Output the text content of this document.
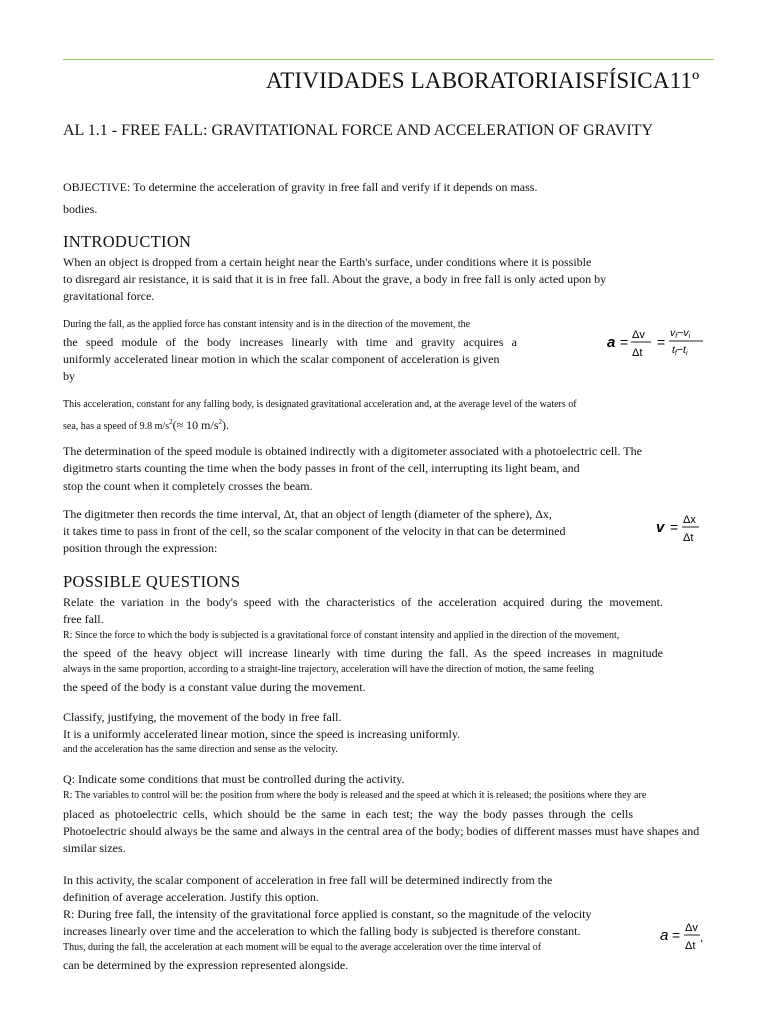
ATIVIDADES LABORATORIAISFÍSICA11º
AL 1.1 - FREE FALL: GRAVITATIONAL FORCE AND ACCELERATION OF GRAVITY
OBJECTIVE: To determine the acceleration of gravity in free fall and verify if it depends on mass.
bodies.
INTRODUCTION
When an object is dropped from a certain height near the Earth's surface, under conditions where it is possible
to disregard air resistance, it is said that it is in free fall. About the grave, a body in free fall is only acted upon by
gravitational force.
During the fall, as the applied force has constant intensity and is in the direction of the movement, the
the speed module of the body increases linearly with time and gravity acquires a
uniformly accelerated linear motion in which the scalar component of acceleration is given
by
a = Δv
Δt
=
vf−vi
tf−ti
This acceleration, constant for any falling body, is designated gravitational acceleration and, at the average level of the waters of
sea, has a speed of 9.8 $m/s^2(\approx 10$ $m/s^2$).
The determination of the speed module is obtained indirectly with a digitometer associated with a photoelectric cell. The
digitmetro starts counting the time when the body passes in front of the cell, interrupting its light beam, and
stop the count when it completely crosses the beam.
The digitmeter then records the time interval, Δt, that an object of length (diameter of the sphere), Δx,
it takes time to pass in front of the cell, so the scalar component of the velocity in that can be determined
position through the expression:
v = Δx
Δt
POSSIBLE QUESTIONS
Relate the variation in the body's speed with the characteristics of the acceleration acquired during the movement.
free fall.
R: Since the force to which the body is subjected is a gravitational force of constant intensity and applied in the direction of the movement,
the speed of the heavy object will increase linearly with time during the fall. As the speed increases in magnitude
always in the same proportion, according to a straight-line trajectory, acceleration will have the direction of motion, the same feeling
the speed of the body is a constant value during the movement.
Classify, justifying, the movement of the body in free fall.
It is a uniformly accelerated linear motion, since the speed is increasing uniformly.
and the acceleration has the same direction and sense as the velocity.
Q: Indicate some conditions that must be controlled during the activity.
R: The variables to control will be: the position from where the body is released and the speed at which it is released; the positions where they are
placed as photoelectric cells, which should be the same in each test; the way the body passes through the cells
Photoelectric should always be the same and always in the central area of the body; bodies of different masses must have shapes and
similar sizes.
In this activity, the scalar component of acceleration in free fall will be determined indirectly from the
definition of average acceleration. Justify this option.
R: During free fall, the intensity of the gravitational force applied is constant, so the magnitude of the velocity
increases linearly over time and the acceleration to which the falling body is subjected is therefore constant.
Thus, during the fall, the acceleration at each moment will be equal to the average acceleration over the time interval of
can be determined by the expression represented alongside.
a = Δv
Δt
,
